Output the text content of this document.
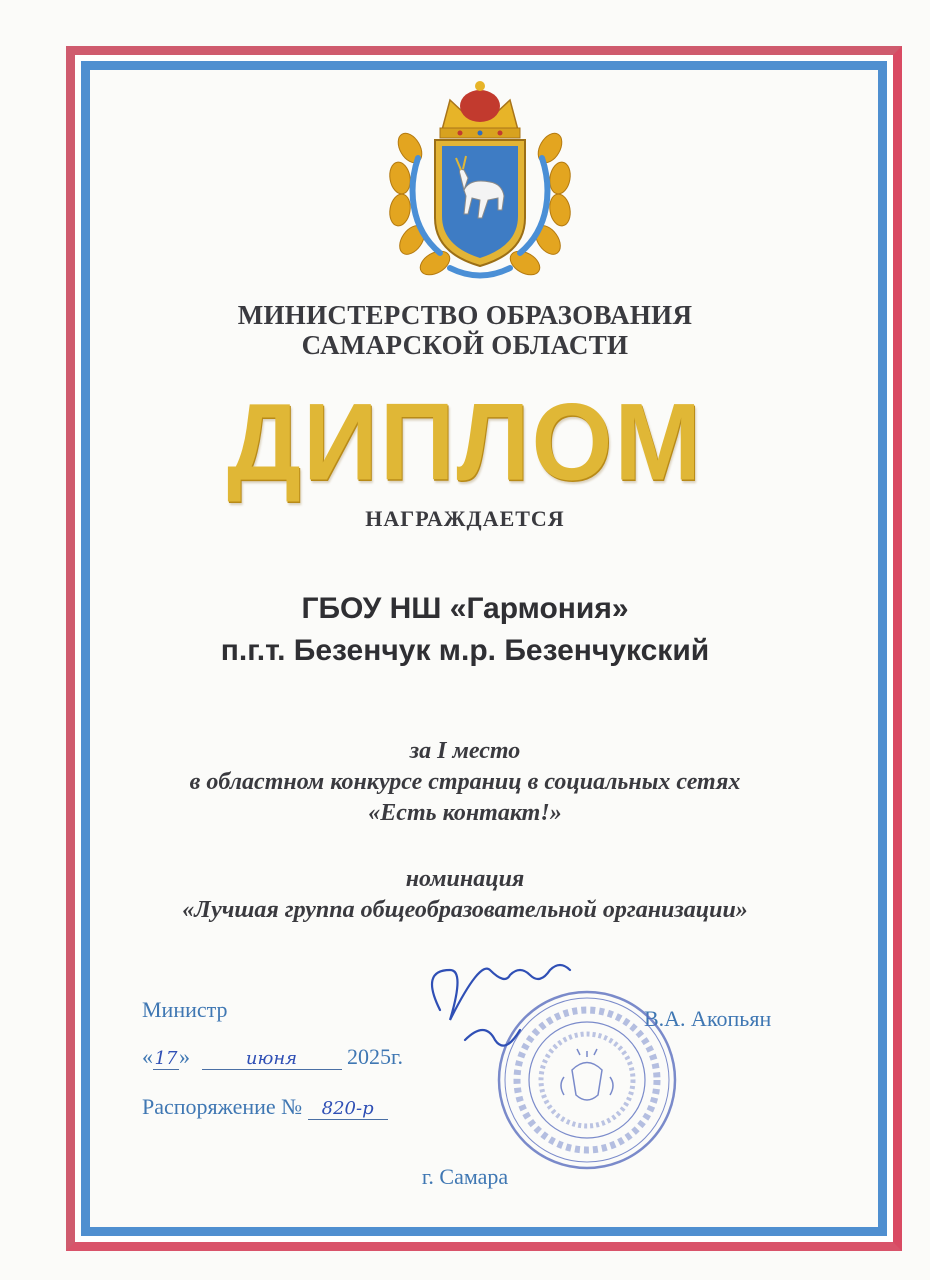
МИНИСТЕРСТВО ОБРАЗОВАНИЯ
САМАРСКОЙ ОБЛАСТИ
ДИПЛОМ
НАГРАЖДАЕТСЯ
ГБОУ НШ «Гармония»
п.г.т. Безенчук м.р. Безенчукский
за I место
в областном конкурсе страниц в социальных сетях
«Есть контакт!»
номинация
«Лучшая группа общеобразовательной организации»
Министр	В.А. Акопьян
«17»	июня 2025г.
Распоряжение № 820-р
г. Самара
